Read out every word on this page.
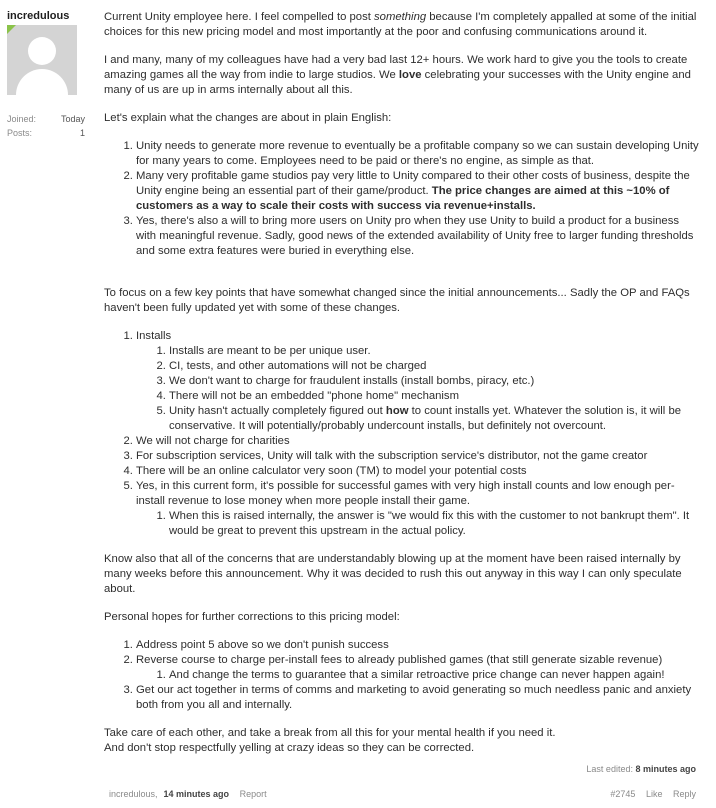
incredulous
Joined:	Today
Posts:	1

Current Unity employee here. I feel compelled to post something because I'm completely appalled at some of the initial choices for this new pricing model and most importantly at the poor and confusing communications around it.

I and many, many of my colleagues have had a very bad last 12+ hours. We work hard to give you the tools to create amazing games all the way from indie to large studios. We love celebrating your successes with the Unity engine and many of us are up in arms internally about all this.

Let's explain what the changes are about in plain English:

1. Unity needs to generate more revenue to eventually be a profitable company so we can sustain developing Unity for many years to come. Employees need to be paid or there's no engine, as simple as that.
2. Many very profitable game studios pay very little to Unity compared to their other costs of business, despite the Unity engine being an essential part of their game/product. The price changes are aimed at this ~10% of customers as a way to scale their costs with success via revenue+installs.
3. Yes, there's also a will to bring more users on Unity pro when they use Unity to build a product for a business with meaningful revenue. Sadly, good news of the extended availability of Unity free to larger funding thresholds and some extra features were buried in everything else.

To focus on a few key points that have somewhat changed since the initial announcements... Sadly the OP and FAQs haven't been fully updated yet with some of these changes.

1. Installs
1. Installs are meant to be per unique user.
2. CI, tests, and other automations will not be charged
3. We don't want to charge for fraudulent installs (install bombs, piracy, etc.)
4. There will not be an embedded "phone home" mechanism
5. Unity hasn't actually completely figured out how to count installs yet. Whatever the solution is, it will be conservative. It will potentially/probably undercount installs, but definitely not overcount.
2. We will not charge for charities
3. For subscription services, Unity will talk with the subscription service's distributor, not the game creator
4. There will be an online calculator very soon (TM) to model your potential costs
5. Yes, in this current form, it's possible for successful games with very high install counts and low enough per-install revenue to lose money when more people install their game.
1. When this is raised internally, the answer is "we would fix this with the customer to not bankrupt them". It would be great to prevent this upstream in the actual policy.

Know also that all of the concerns that are understandably blowing up at the moment have been raised internally by many weeks before this announcement. Why it was decided to rush this out anyway in this way I can only speculate about.

Personal hopes for further corrections to this pricing model:

1. Address point 5 above so we don't punish success
2. Reverse course to charge per-install fees to already published games (that still generate sizable revenue)
1. And change the terms to guarantee that a similar retroactive price change can never happen again!
3. Get our act together in terms of comms and marketing to avoid generating so much needless panic and anxiety both from you all and internally.

Take care of each other, and take a break from all this for your mental health if you need it.

And don't stop respectfully yelling at crazy ideas so they can be corrected.

Last edited: 8 minutes ago
incredulous, 14 minutes ago Report	#2745 Like Reply
